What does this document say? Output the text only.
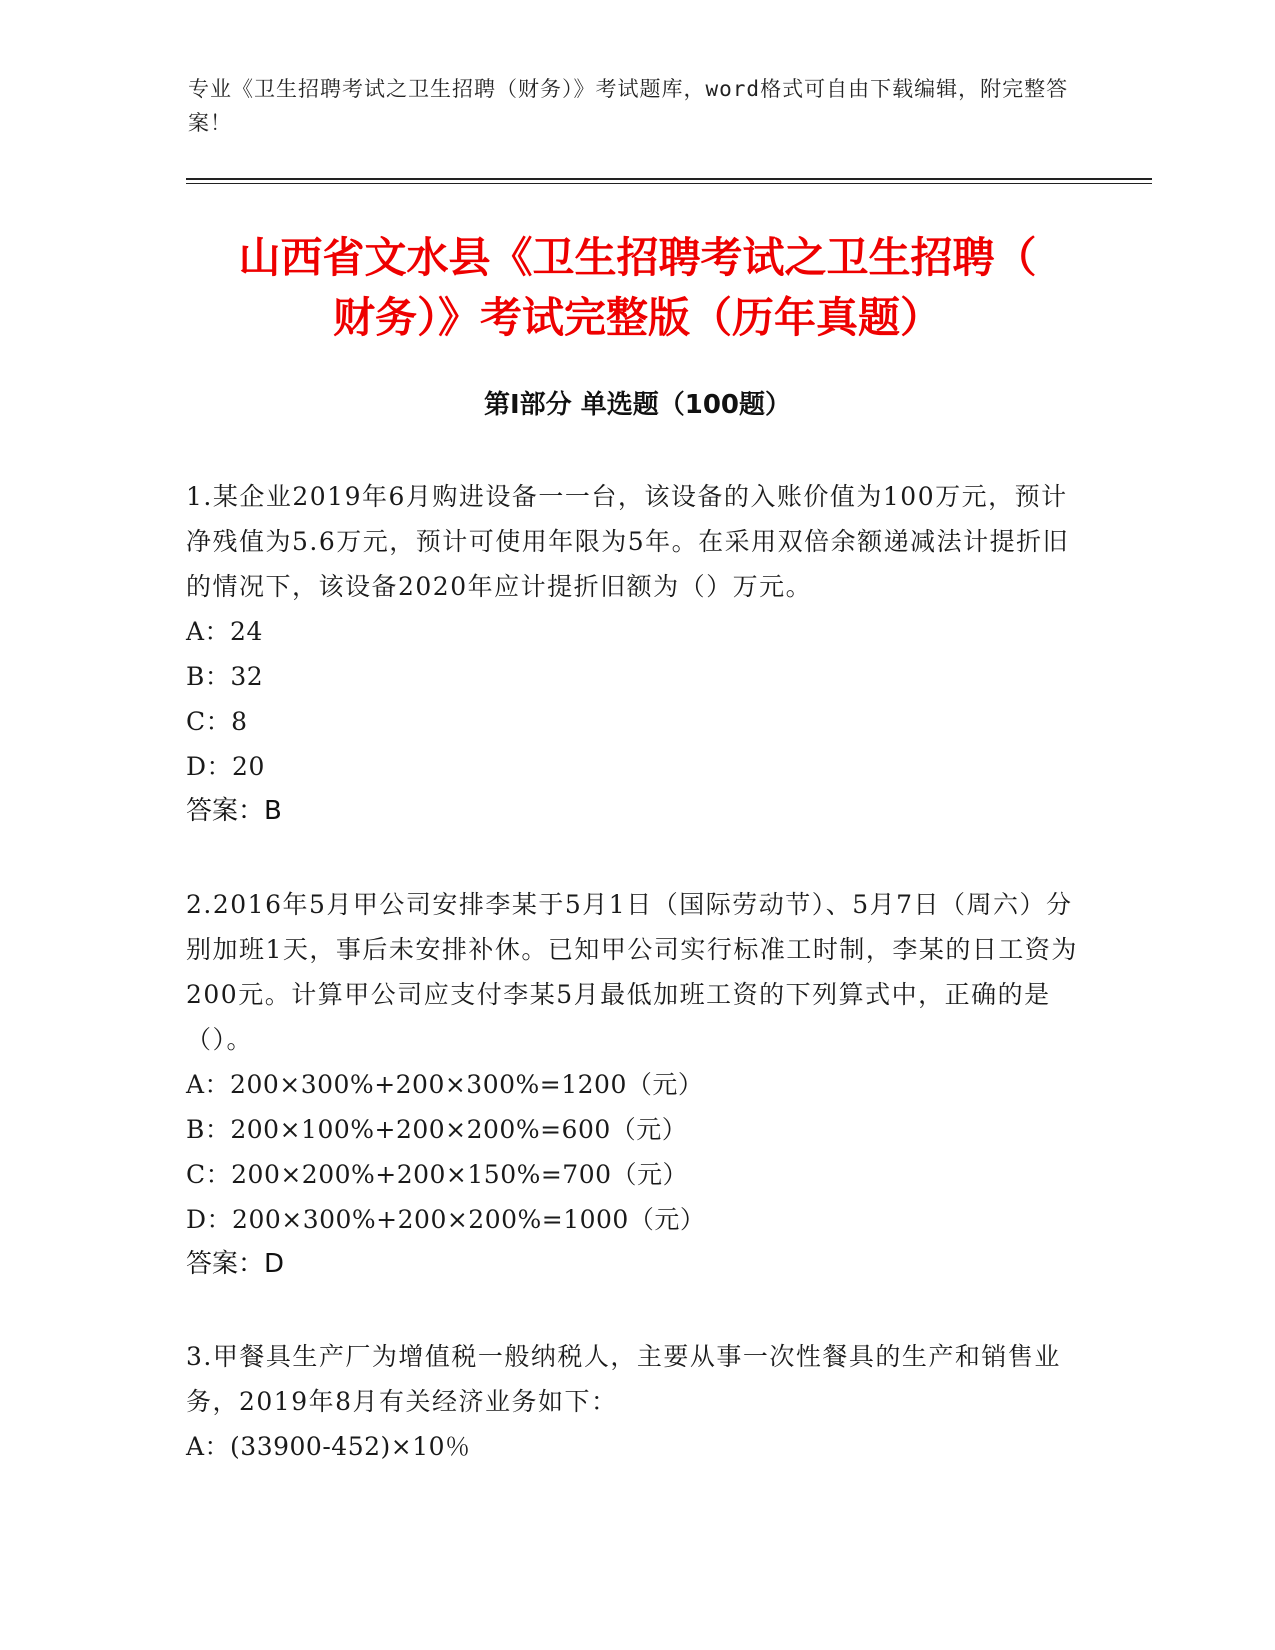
专业《卫生招聘考试之卫生招聘（财务）》考试题库，word格式可自由下载编辑，附完整答案！
山西省文水县《卫生招聘考试之卫生招聘（
财务）》考试完整版（历年真题）
第Ⅰ部分 单选题（100题）

1.某企业2019年6月购进设备一一台，该设备的入账价值为100万元，预计净残值为5.6万元，预计可使用年限为5年。在采用双倍余额递减法计提折旧的情况下，该设备2020年应计提折旧额为（）万元。

A：24

B：32

C：8

D：20

答案：B

2.2016年5月甲公司安排李某于5月1日（国际劳动节）、5月7日（周六）分别加班1天，事后未安排补休。已知甲公司实行标准工时制，李某的日工资为200元。计算甲公司应支付李某5月最低加班工资的下列算式中，正确的是（）。

A：200×300%+200×300%=1200（元）

B：200×100%+200×200%=600（元）

C：200×200%+200×150%=700（元）

D：200×300%+200×200%=1000（元）

答案：D

3.甲餐具生产厂为增值税一般纳税人，主要从事一次性餐具的生产和销售业务，2019年8月有关经济业务如下：

A：(33900-452)×10％
